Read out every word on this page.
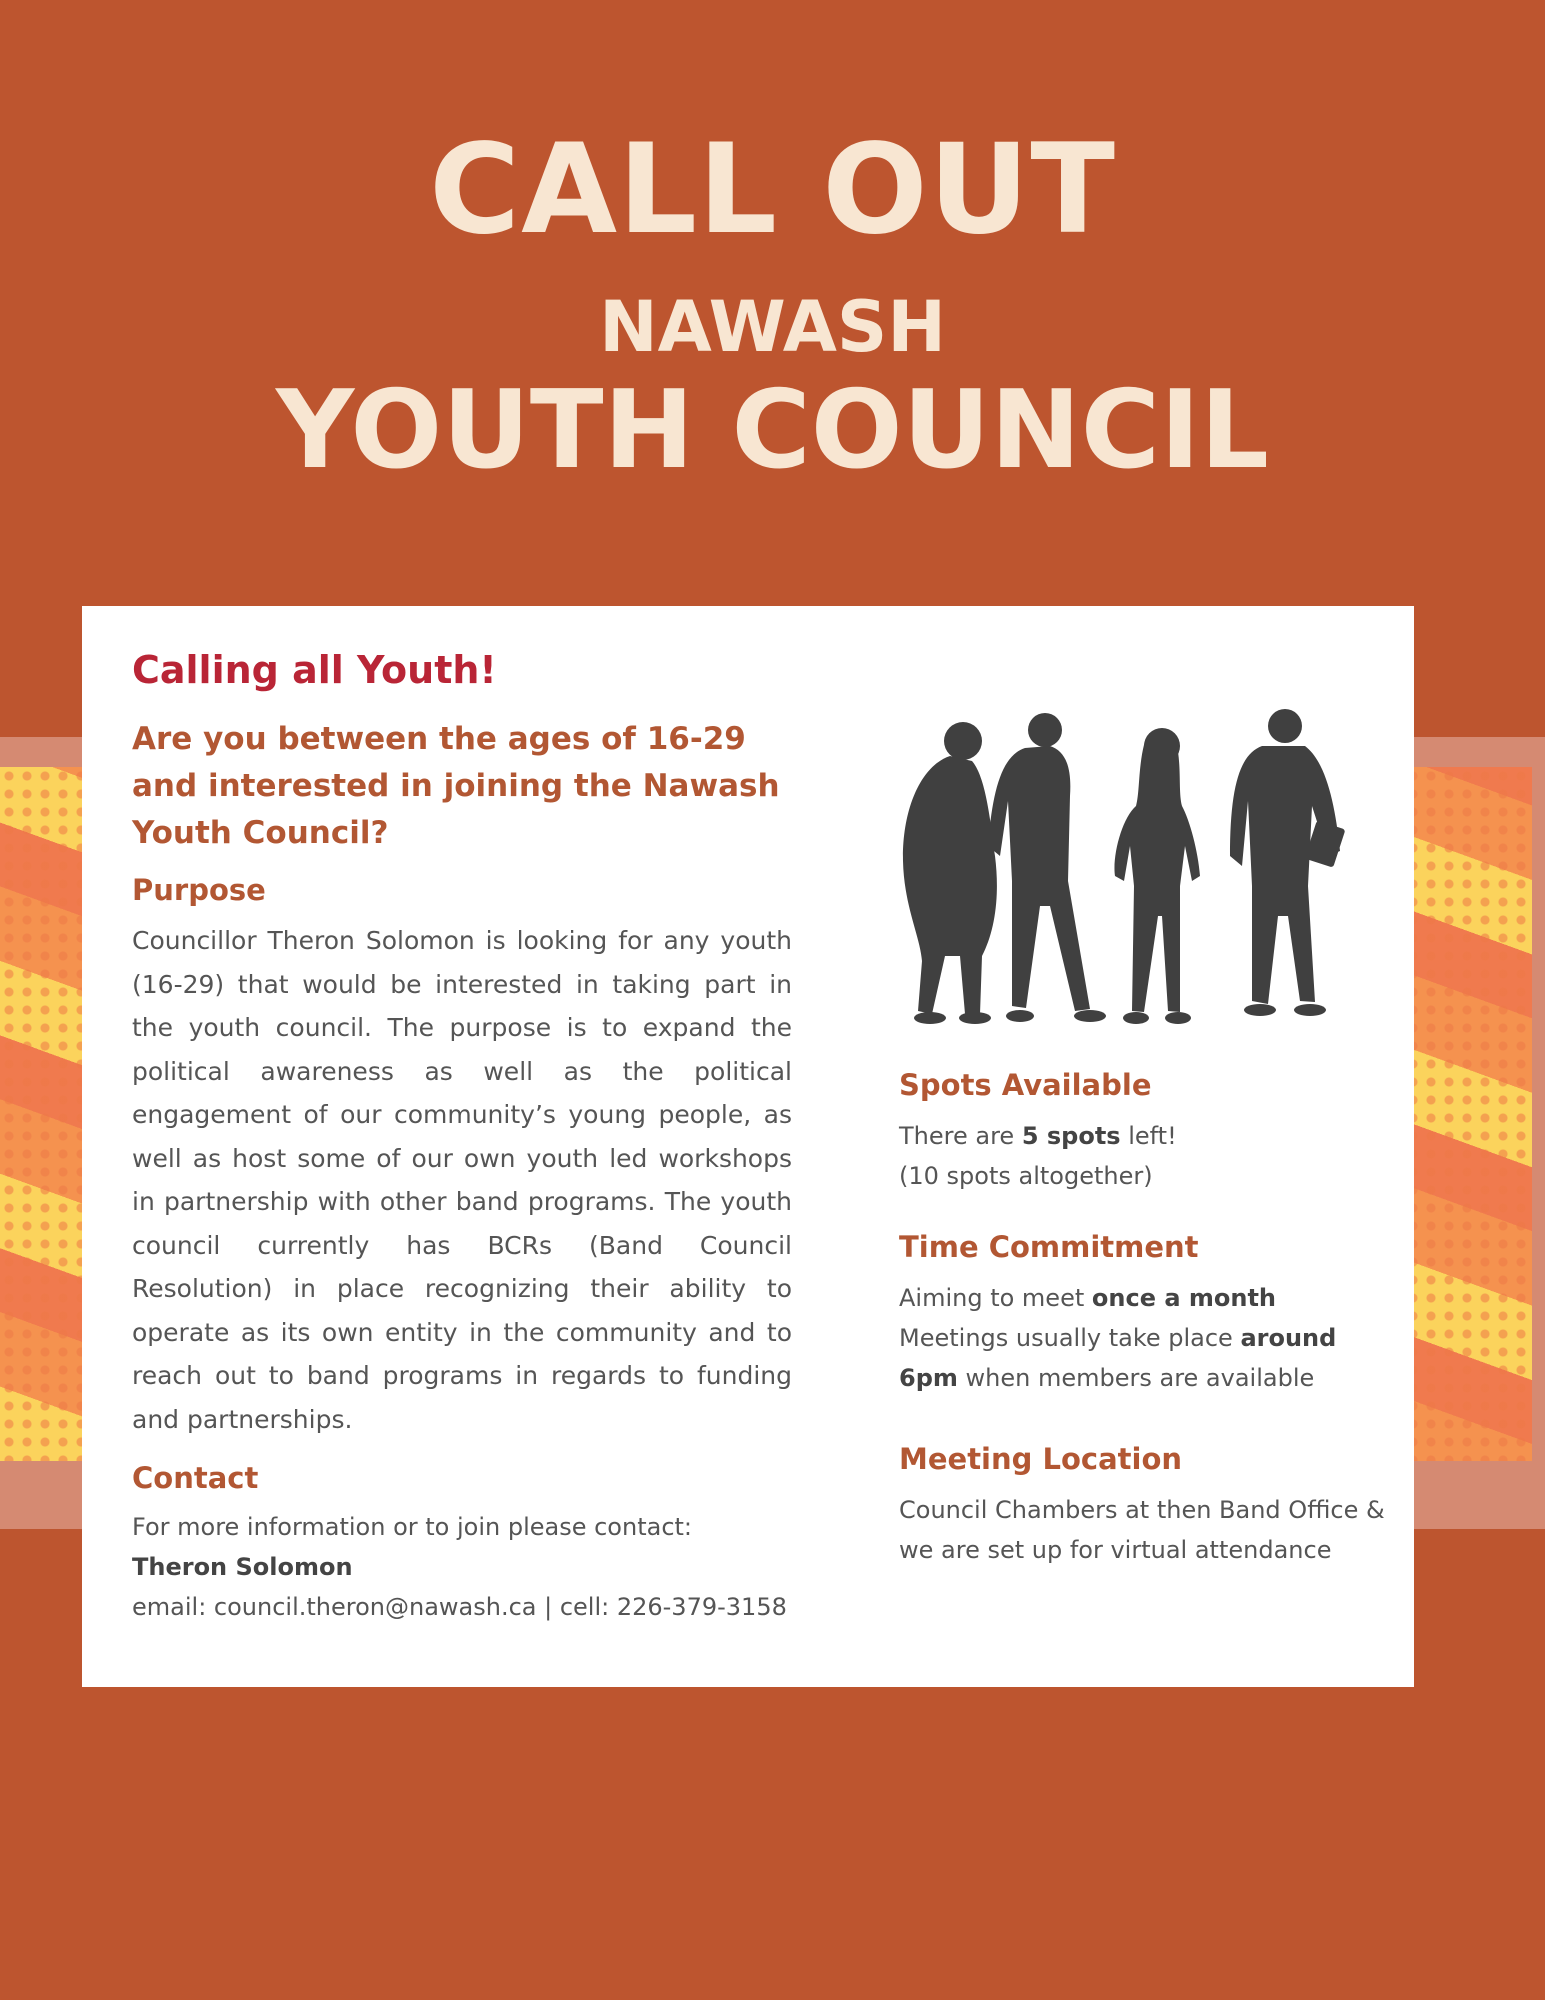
CALL OUT
NAWASH
YOUTH COUNCIL
Calling all Youth!
Are you between the ages of 16-29 and interested in joining the Nawash Youth Council?
Purpose
Councillor Theron Solomon is looking for any youth (16-29) that would be interested in taking part in the youth council. The purpose is to expand the political awareness as well as the political engagement of our community’s young people, as well as host some of our own youth led workshops in partnership with other band programs. The youth council currently has BCRs (Band Council Resolution) in place recognizing their ability to operate as its own entity in the community and to reach out to band programs in regards to funding and partnerships.
Contact
For more information or to join please contact:
Theron Solomon
email: council.theron@nawash.ca | cell: 226-379-3158
Spots Available
There are 5 spots left!
(10 spots altogether)
Time Commitment
Aiming to meet once a month
Meetings usually take place around
6pm when members are available
Meeting Location
Council Chambers at then Band Office &
we are set up for virtual attendance
